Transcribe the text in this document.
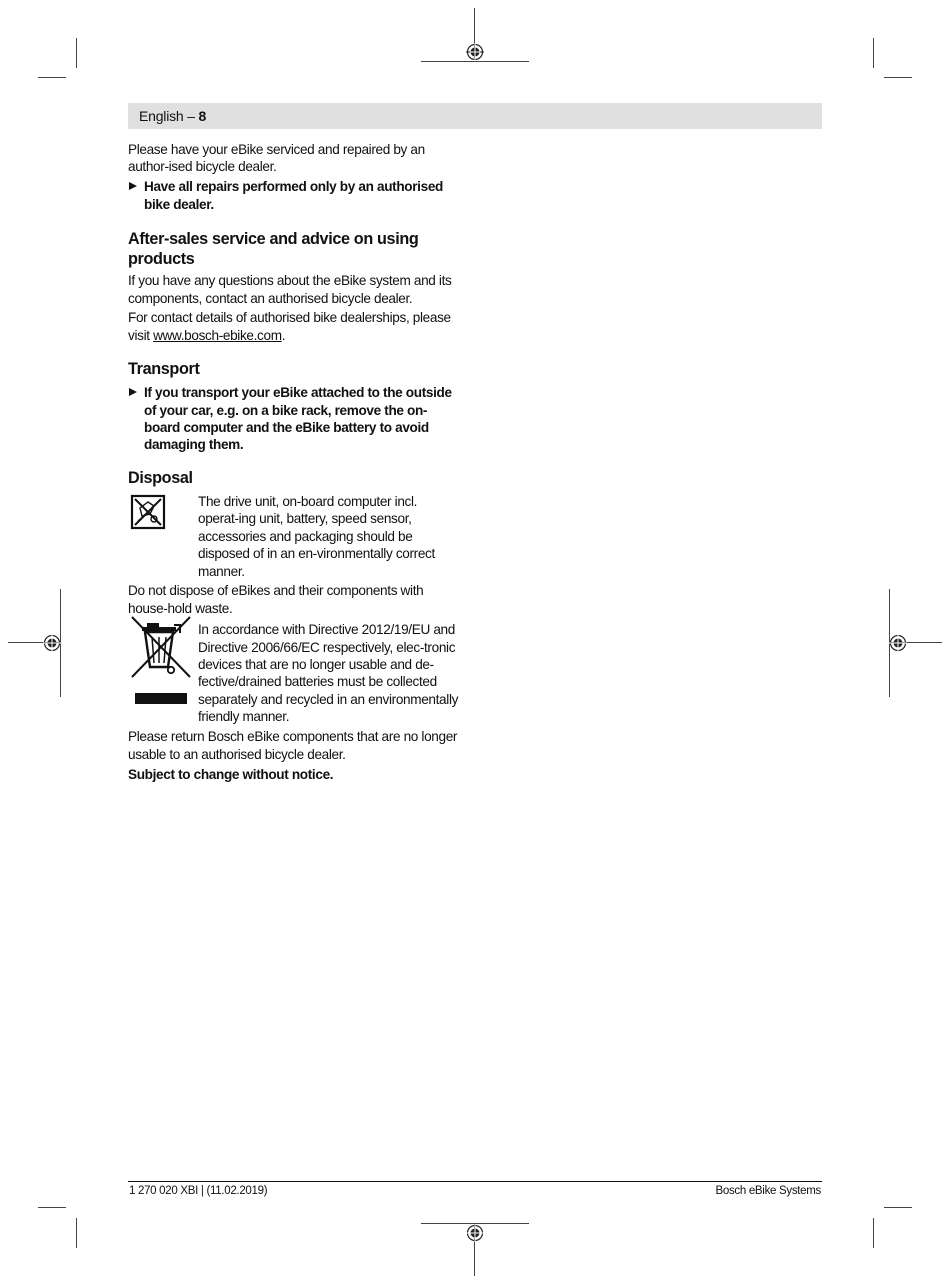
English – 8

Please have your eBike serviced and repaired by an author-ised bicycle dealer.

Have all repairs performed only by an authorised bike dealer.
After-sales service and advice on using products

If you have any questions about the eBike system and its components, contact an authorised bicycle dealer.

For contact details of authorised bike dealerships, please visit www.bosch-ebike.com.

Transport
If you transport your eBike attached to the outside of your car, e.g. on a bike rack, remove the on-board computer and the eBike battery to avoid damaging them.
Disposal

The drive unit, on-board computer incl. operat-ing unit, battery, speed sensor, accessories and packaging should be disposed of in an en-vironmentally correct manner.

Do not dispose of eBikes and their components with house-hold waste.

In accordance with Directive 2012/19/EU and Directive 2006/66/EC respectively, elec-tronic devices that are no longer usable and de-fective/drained batteries must be collected separately and recycled in an environmentally friendly manner.

Please return Bosch eBike components that are no longer usable to an authorised bicycle dealer.

Subject to change without notice.

1 270 020 XBI | (11.02.2019)	Bosch eBike Systems
